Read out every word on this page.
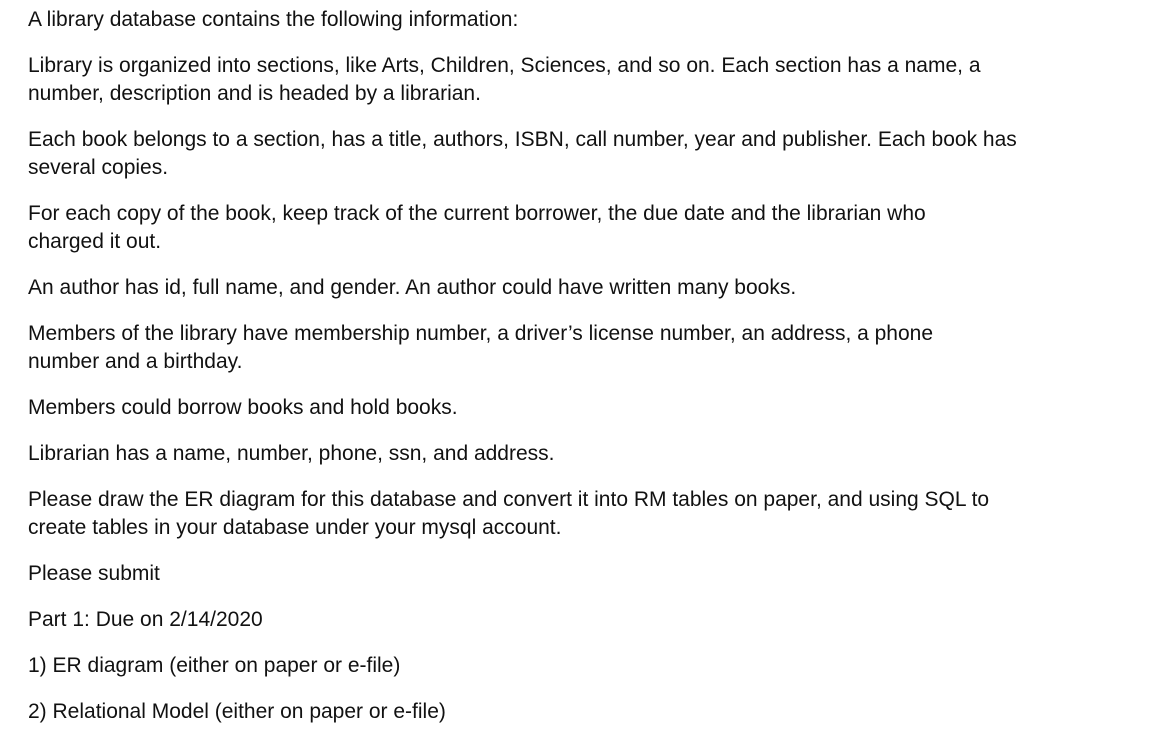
A library database contains the following information:

Library is organized into sections, like Arts, Children, Sciences, and so on. Each section has a name, a
number, description and is headed by a librarian.

Each book belongs to a section, has a title, authors, ISBN, call number, year and publisher. Each book has
several copies.

For each copy of the book, keep track of the current borrower, the due date and the librarian who
charged it out.

An author has id, full name, and gender. An author could have written many books.

Members of the library have membership number, a driver’s license number, an address, a phone
number and a birthday.

Members could borrow books and hold books.

Librarian has a name, number, phone, ssn, and address.

Please draw the ER diagram for this database and convert it into RM tables on paper, and using SQL to
create tables in your database under your mysql account.

Please submit

Part 1: Due on 2/14/2020

1) ER diagram (either on paper or e-file)

2) Relational Model (either on paper or e-file)
